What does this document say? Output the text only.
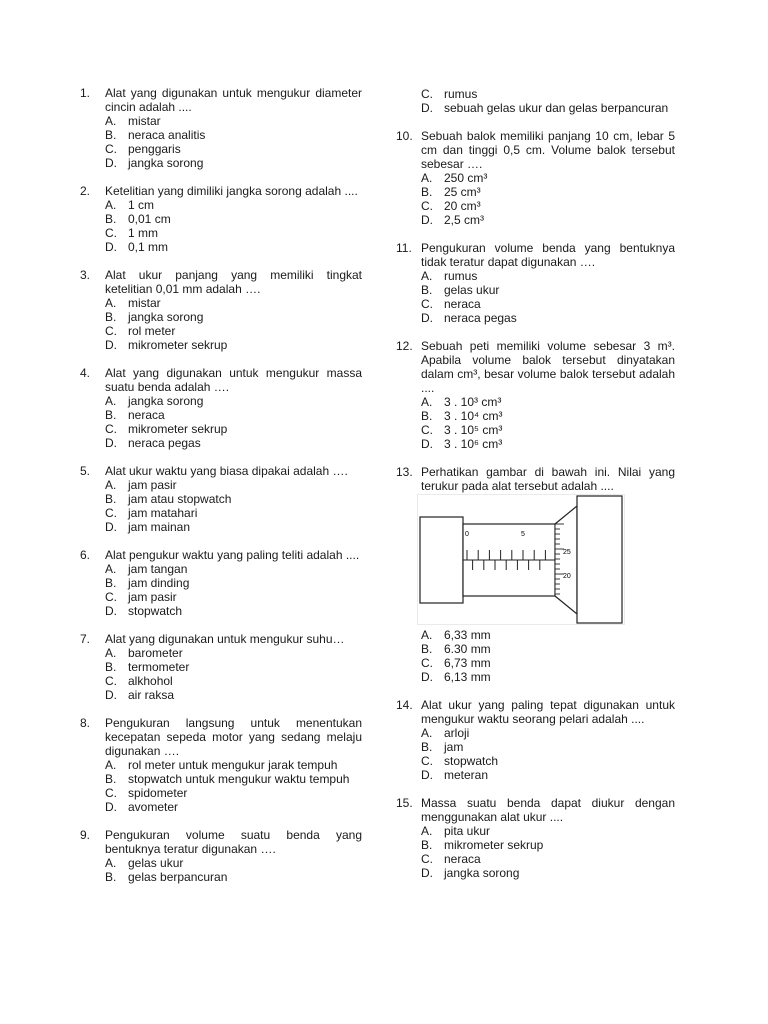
1.	Alat yang digunakan untuk mengukur diameter cincin adalah ....
A. mistar
B. neraca analitis
C. penggaris
D. jangka sorong
2.	Ketelitian yang dimiliki jangka sorong adalah ....
A. 1 cm
B. 0,01 cm
C. 1 mm
D. 0,1 mm
3.	Alat ukur panjang yang memiliki tingkat ketelitian 0,01 mm adalah ….
A. mistar
B. jangka sorong
C. rol meter
D. mikrometer sekrup
4.	Alat yang digunakan untuk mengukur massa suatu benda adalah ….
A. jangka sorong
B. neraca
C. mikrometer sekrup
D. neraca pegas
5.	Alat ukur waktu yang biasa dipakai adalah ….
A. jam pasir
B. jam atau stopwatch
C. jam matahari
D. jam mainan
6.	Alat pengukur waktu yang paling teliti adalah ....
A. jam tangan
B. jam dinding
C. jam pasir
D. stopwatch
7.	Alat yang digunakan untuk mengukur suhu…
A. barometer
B. termometer
C. alkhohol
D. air raksa
8.	Pengukuran langsung untuk menentukan kecepatan sepeda motor yang sedang melaju digunakan ….
A. rol meter untuk mengukur jarak tempuh
B. stopwatch untuk mengukur waktu tempuh
C. spidometer
D. avometer
9.	Pengukuran volume suatu benda yang bentuknya teratur digunakan ….
A. gelas ukur
B. gelas berpancuran
C. rumus
D. sebuah gelas ukur dan gelas berpancuran
10. Sebuah balok memiliki panjang 10 cm, lebar 5 cm dan tinggi 0,5 cm. Volume balok tersebut sebesar ….
A. 250 cm³
B. 25 cm³
C. 20 cm³
D. 2,5 cm³
11. Pengukuran volume benda yang bentuknya tidak teratur dapat digunakan ….
A. rumus
B. gelas ukur
C. neraca
D. neraca pegas
12. Sebuah peti memiliki volume sebesar 3 m³. Apabila volume balok tersebut dinyatakan dalam cm³, besar volume balok tersebut adalah ....
A. 3 . 10³ cm³
B. 3 . 10⁴ cm³
C. 3 . 10⁵ cm³
D. 3 . 10⁶ cm³
13. Perhatikan gambar di bawah ini. Nilai yang terukur pada alat tersebut adalah ....
0	5
25
20
A. 6,33 mm
B. 6.30 mm
C. 6,73 mm
D. 6,13 mm
14. Alat ukur yang paling tepat digunakan untuk mengukur waktu seorang pelari adalah ....
A. arloji
B. jam
C. stopwatch
D. meteran
15. Massa suatu benda dapat diukur dengan menggunakan alat ukur ....
A. pita ukur
B. mikrometer sekrup
C. neraca
D. jangka sorong
